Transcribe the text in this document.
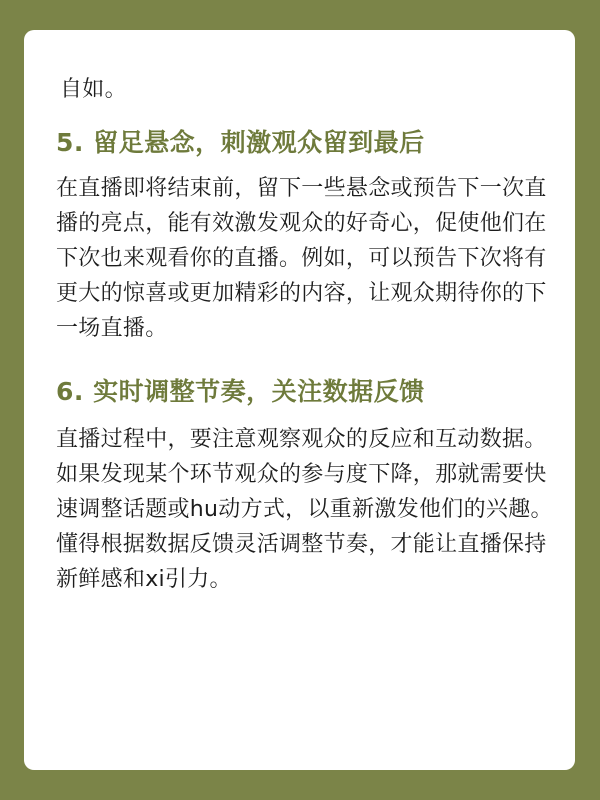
自如。

5. 留足悬念，刺激观众留到最后

在直播即将结束前，留下一些悬念或预告下一次直播的亮点，能有效激发观众的好奇心，促使他们在下次也来观看你的直播。例如，可以预告下次将有更大的惊喜或更加精彩的内容，让观众期待你的下一场直播。

6. 实时调整节奏，关注数据反馈

直播过程中，要注意观察观众的反应和互动数据。如果发现某个环节观众的参与度下降，那就需要快速调整话题或hu动方式，以重新激发他们的兴趣。懂得根据数据反馈灵活调整节奏，才能让直播保持新鲜感和xi引力。
